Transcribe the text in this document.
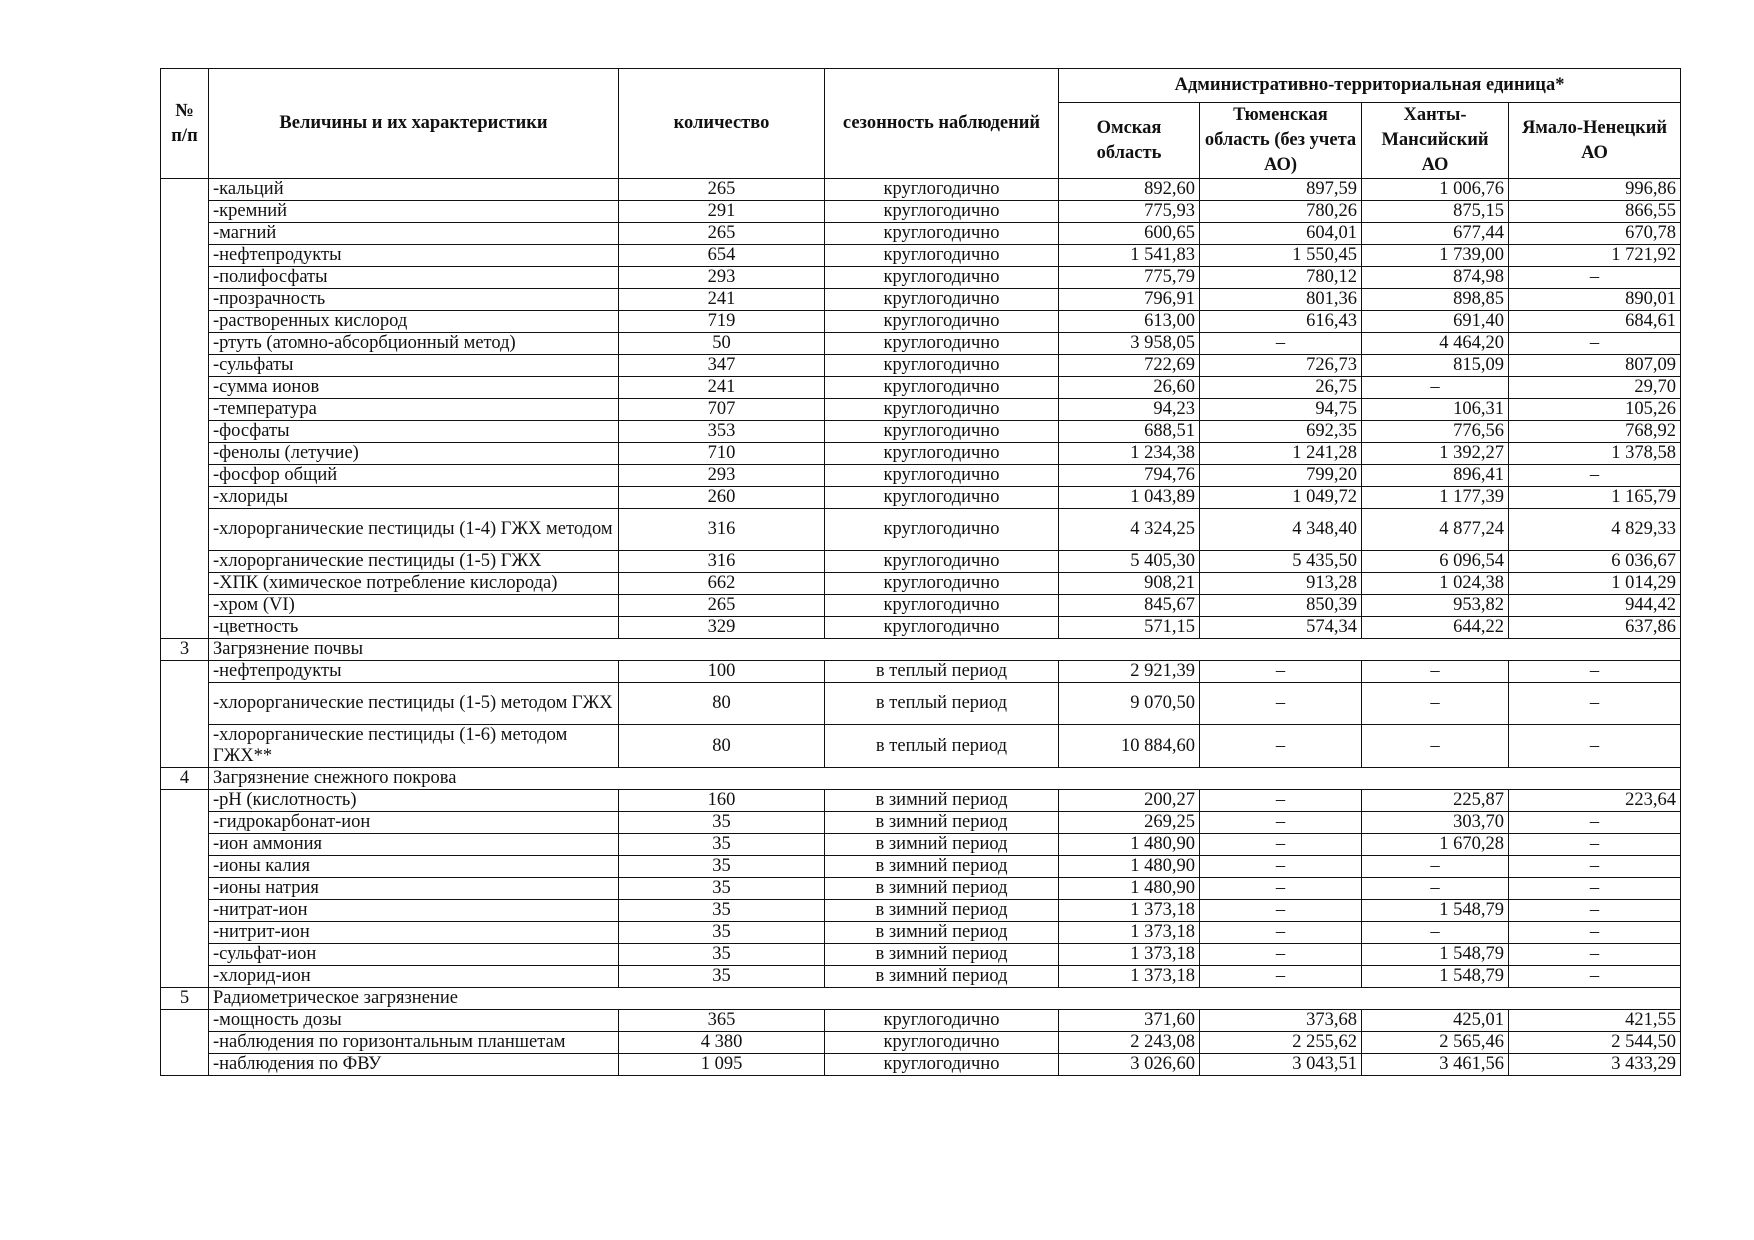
№
п/п	Величины и их характеристики	количество	сезонность наблюдений	Административно-территориальная единица*			
				Омская область	Тюменская область (без учета АО)	Ханты-Мансийский АО	Ямало-Ненецкий АО
	-кальций	265	круглогодично	892,60	897,59	1 006,76	996,86
	-кремний	291	круглогодично	775,93	780,26	875,15	866,55
	-магний	265	круглогодично	600,65	604,01	677,44	670,78
	-нефтепродукты	654	круглогодично	1 541,83	1 550,45	1 739,00	1 721,92
	-полифосфаты	293	круглогодично	775,79	780,12	874,98	–
	-прозрачность	241	круглогодично	796,91	801,36	898,85	890,01
	-растворенных кислород	719	круглогодично	613,00	616,43	691,40	684,61
	-ртуть (атомно-абсорбционный метод)	50	круглогодично	3 958,05	–	4 464,20	–
	-сульфаты	347	круглогодично	722,69	726,73	815,09	807,09
	-сумма ионов	241	круглогодично	26,60	26,75	–	29,70
	-температура	707	круглогодично	94,23	94,75	106,31	105,26
	-фосфаты	353	круглогодично	688,51	692,35	776,56	768,92
	-фенолы (летучие)	710	круглогодично	1 234,38	1 241,28	1 392,27	1 378,58
	-фосфор общий	293	круглогодично	794,76	799,20	896,41	–
	-хлориды	260	круглогодично	1 043,89	1 049,72	1 177,39	1 165,79
	-хлорорганические пестициды (1-4) ГЖХ методом	316	круглогодично	4 324,25	4 348,40	4 877,24	4 829,33
	-хлорорганические пестициды (1-5) ГЖХ	316	круглогодично	5 405,30	5 435,50	6 096,54	6 036,67
	-ХПК (химическое потребление кислорода)	662	круглогодично	908,21	913,28	1 024,38	1 014,29
	-хром (VI)	265	круглогодично	845,67	850,39	953,82	944,42
	-цветность	329	круглогодично	571,15	574,34	644,22	637,86
3	Загрязнение почвы						
	-нефтепродукты	100	в теплый период	2 921,39	–	–	–
	-хлорорганические пестициды (1-5) методом ГЖХ	80	в теплый период	9 070,50	–	–	–
	-хлорорганические пестициды (1-6) методом ГЖХ**	80	в теплый период	10 884,60	–	–	–
4	Загрязнение снежного покрова						
	-pH (кислотность)	160	в зимний период	200,27	–	225,87	223,64
	-гидрокарбонат-ион	35	в зимний период	269,25	–	303,70	–
	-ион аммония	35	в зимний период	1 480,90	–	1 670,28	–
	-ионы калия	35	в зимний период	1 480,90	–	–	–
	-ионы натрия	35	в зимний период	1 480,90	–	–	–
	-нитрат-ион	35	в зимний период	1 373,18	–	1 548,79	–
	-нитрит-ион	35	в зимний период	1 373,18	–	–	–
	-сульфат-ион	35	в зимний период	1 373,18	–	1 548,79	–
	-хлорид-ион	35	в зимний период	1 373,18	–	1 548,79	–
5	Радиометрическое загрязнение						
	-мощность дозы	365	круглогодично	371,60	373,68	425,01	421,55
	-наблюдения по горизонтальным планшетам	4 380	круглогодично	2 243,08	2 255,62	2 565,46	2 544,50
	-наблюдения по ФВУ	1 095	круглогодично	3 026,60	3 043,51	3 461,56	3 433,29
